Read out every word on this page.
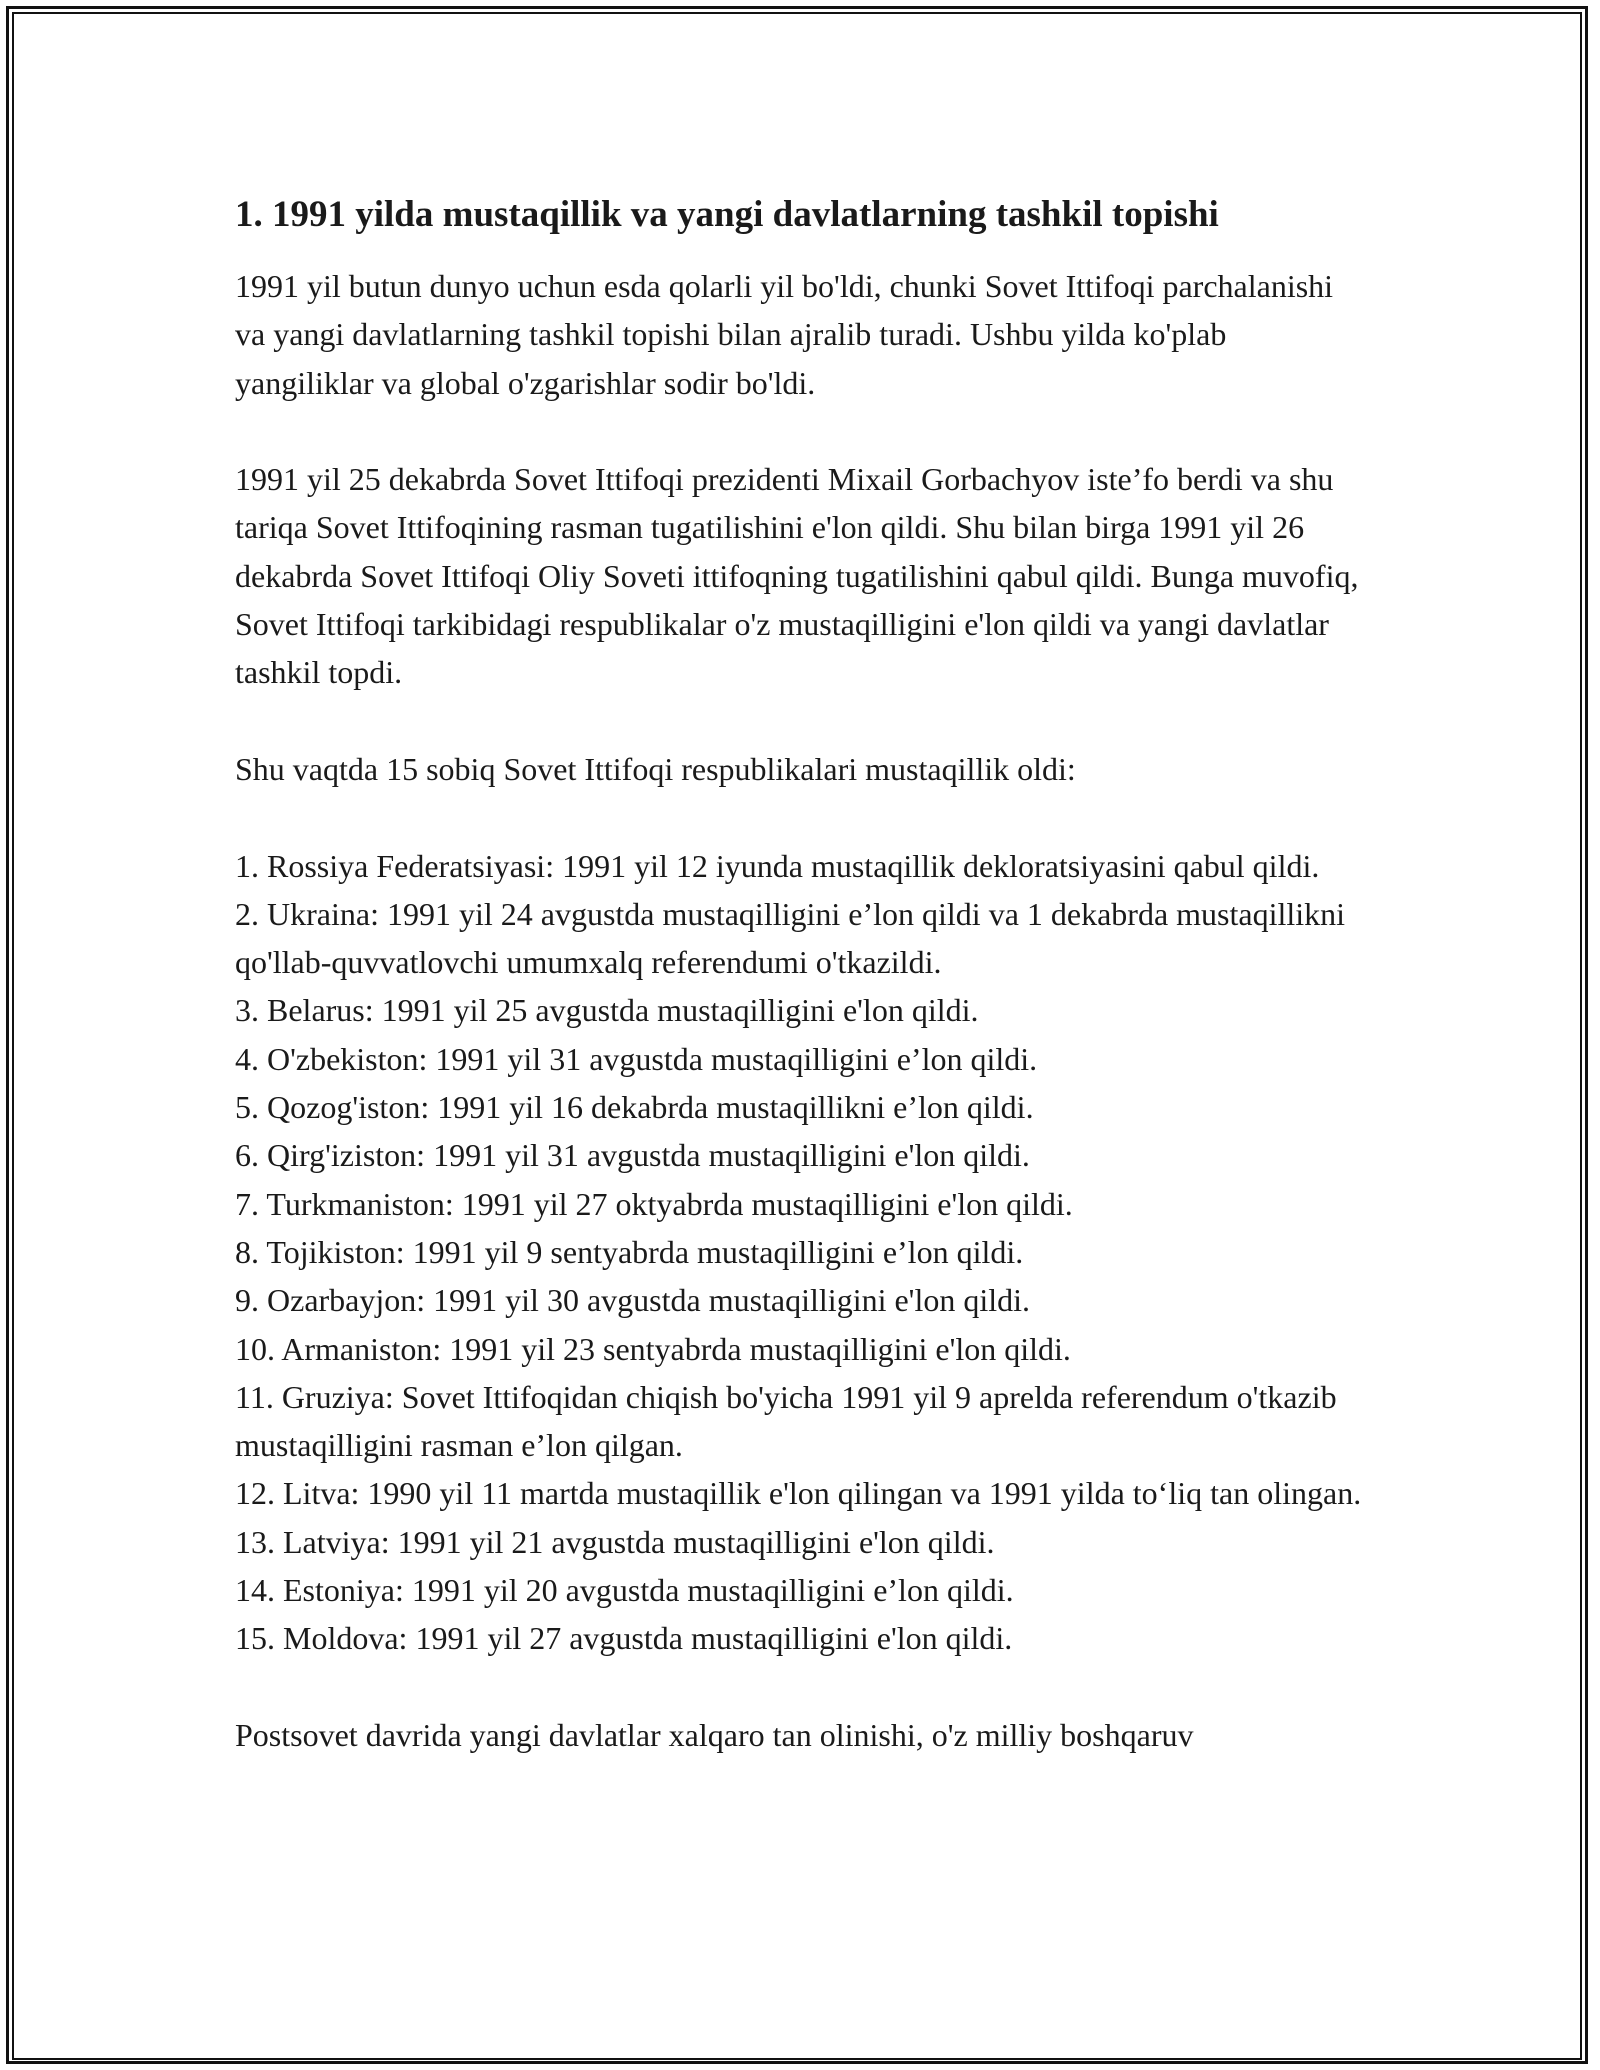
1. 1991 yilda mustaqillik va yangi davlatlarning tashkil topishi

1991 yil butun dunyo uchun esda qolarli yil bo'ldi, chunki Sovet Ittifoqi parchalanishi va yangi davlatlarning tashkil topishi bilan ajralib turadi. Ushbu yilda ko'plab yangiliklar va global o'zgarishlar sodir bo'ldi.

1991 yil 25 dekabrda Sovet Ittifoqi prezidenti Mixail Gorbachyov iste’fo berdi va shu tariqa Sovet Ittifoqining rasman tugatilishini e'lon qildi. Shu bilan birga 1991 yil 26 dekabrda Sovet Ittifoqi Oliy Soveti ittifoqning tugatilishini qabul qildi. Bunga muvofiq, Sovet Ittifoqi tarkibidagi respublikalar o'z mustaqilligini e'lon qildi va yangi davlatlar tashkil topdi.

Shu vaqtda 15 sobiq Sovet Ittifoqi respublikalari mustaqillik oldi:

1. Rossiya Federatsiyasi: 1991 yil 12 iyunda mustaqillik dekloratsiyasini qabul qildi.
2. Ukraina: 1991 yil 24 avgustda mustaqilligini e’lon qildi va 1 dekabrda mustaqillikni qo'llab-quvvatlovchi umumxalq referendumi o'tkazildi.
3. Belarus: 1991 yil 25 avgustda mustaqilligini e'lon qildi.
4. O'zbekiston: 1991 yil 31 avgustda mustaqilligini e’lon qildi.
5. Qozog'iston: 1991 yil 16 dekabrda mustaqillikni e’lon qildi.
6. Qirg'iziston: 1991 yil 31 avgustda mustaqilligini e'lon qildi.
7. Turkmaniston: 1991 yil 27 oktyabrda mustaqilligini e'lon qildi.
8. Tojikiston: 1991 yil 9 sentyabrda mustaqilligini e’lon qildi.
9. Ozarbayjon: 1991 yil 30 avgustda mustaqilligini e'lon qildi.
10. Armaniston: 1991 yil 23 sentyabrda mustaqilligini e'lon qildi.
11. Gruziya: Sovet Ittifoqidan chiqish bo'yicha 1991 yil 9 aprelda referendum o'tkazib mustaqilligini rasman e’lon qilgan.
12. Litva: 1990 yil 11 martda mustaqillik e'lon qilingan va 1991 yilda to‘liq tan olingan.
13. Latviya: 1991 yil 21 avgustda mustaqilligini e'lon qildi.
14. Estoniya: 1991 yil 20 avgustda mustaqilligini e’lon qildi.
15. Moldova: 1991 yil 27 avgustda mustaqilligini e'lon qildi.

Postsovet davrida yangi davlatlar xalqaro tan olinishi, o'z milliy boshqaruv
